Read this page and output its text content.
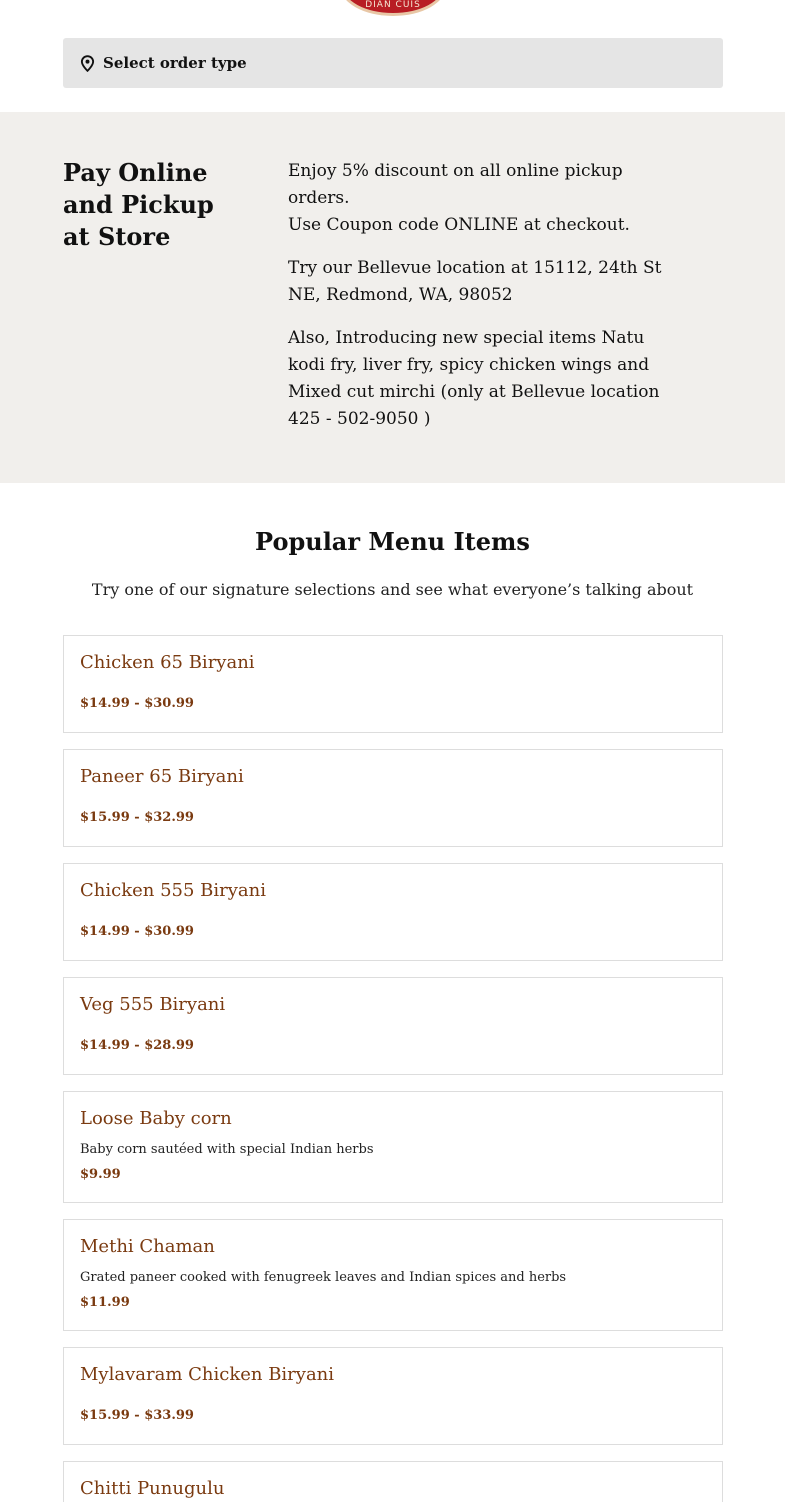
DIAN CUIS
Select order type
Pay Online and Pickup at Store

Enjoy 5% discount on all online pickup orders.
Use Coupon code ONLINE at checkout.

Try our Bellevue location at 15112, 24th St NE, Redmond, WA, 98052

Also, Introducing new special items Natu kodi fry, liver fry, spicy chicken wings and Mixed cut mirchi (only at Bellevue location 425 - 502-9050 )

Popular Menu Items

Try one of our signature selections and see what everyone’s talking about

Chicken 65 Biryani
$14.99 - $30.99
Paneer 65 Biryani
$15.99 - $32.99
Chicken 555 Biryani
$14.99 - $30.99
Veg 555 Biryani
$14.99 - $28.99
Loose Baby corn
Baby corn sautéed with special Indian herbs
$9.99
Methi Chaman
Grated paneer cooked with fenugreek leaves and Indian spices and herbs
$11.99
Mylavaram Chicken Biryani
$15.99 - $33.99
Chitti Punugulu
